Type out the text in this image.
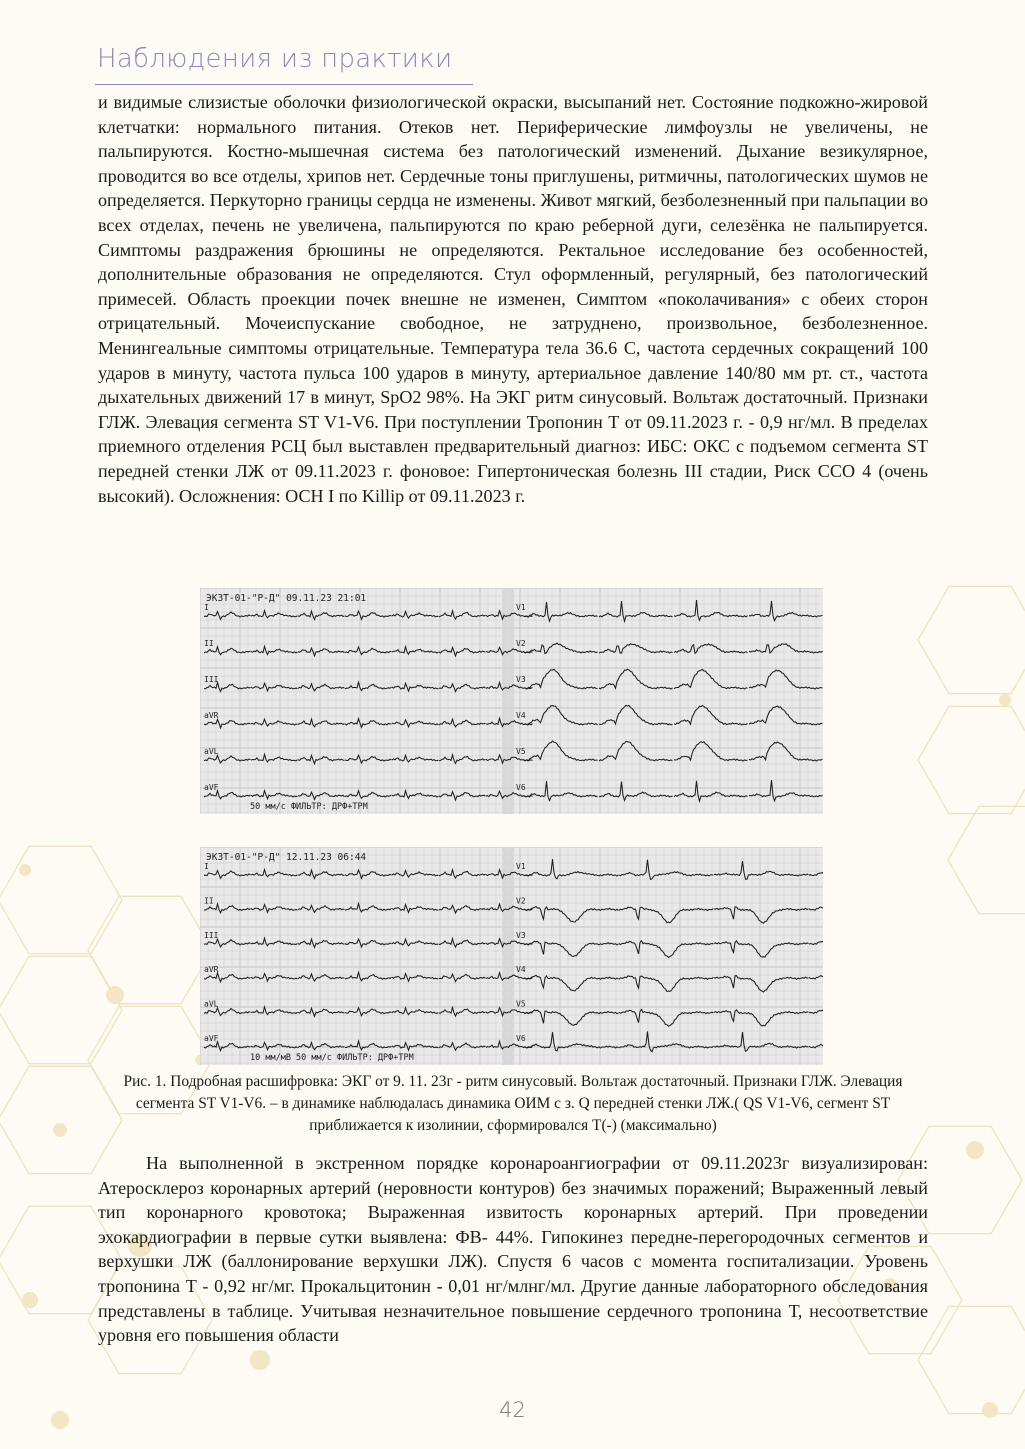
Наблюдения из практики

и видимые слизистые оболочки физиологической окраски, высыпаний нет. Состояние подкожно-жировой клетчатки: нормального питания. Отеков нет. Периферические лимфоузлы не увеличены, не пальпируются. Костно-мышечная система без патологический изменений. Дыхание везикулярное, проводится во все отделы, хрипов нет. Сердечные тоны приглушены, ритмичны, патологических шумов не определяется. Перкуторно границы сердца не изменены. Живот мягкий, безболезненный при пальпации во всех отделах, печень не увеличена, пальпируются по краю реберной дуги, селезёнка не пальпируется. Симптомы раздражения брюшины не определяются. Ректальное исследование без особенностей, дополнительные образования не определяются. Стул оформленный, регулярный, без патологический примесей. Область проекции почек внешне не изменен, Симптом «поколачивания» с обеих сторон отрицательный. Мочеиспускание свободное, не затруднено, произвольное, безболезненное. Менингеальные симптомы отрицательные. Температура тела 36.6 С, частота сердечных сокращений 100 ударов в минуту, частота пульса 100 ударов в минуту, артериальное давление 140/80 мм рт. ст., частота дыхательных движений 17 в минут, SpO2 98%. На ЭКГ ритм синусовый. Вольтаж достаточный. Признаки ГЛЖ. Элевация сегмента ST V1-V6. При поступлении Тропонин Т от 09.11.2023 г. - 0,9 нг/мл. В пределах приемного отделения РСЦ был выставлен предварительный диагноз: ИБС: ОКС с подъемом сегмента ST передней стенки ЛЖ от 09.11.2023 г. фоновое: Гипертоническая болезнь III стадии, Риск ССО 4 (очень высокий). Осложнения: ОСН I по Killip от 09.11.2023 г.

ЭКЗТ-01-"Р-Д" 09.11.23 21:01
50 мм/с ФИЛЬТР: ДРФ+ТРМ
I
II
III
aVR
aVL
aVF
V1
V2
V3
V4
V5
V6
ЭКЗТ-01-"Р-Д" 12.11.23 06:44
10 мм/мВ 50 мм/с ФИЛЬТР: ДРФ+ТРМ
I
II
III
aVR
aVL
aVF
V1
V2
V3
V4
V5
V6

Рис. 1. Подробная расшифровка: ЭКГ от 9. 11. 23г - ритм синусовый. Вольтаж достаточный. Признаки ГЛЖ. Элевация сегмента ST V1-V6. – в динамике наблюдалась динамика ОИМ с з. Q передней стенки ЛЖ.( QS V1-V6, сегмент ST приближается к изолинии, сформировался T(-) (максимально)

На выполненной в экстренном порядке коронароангиографии от 09.11.2023г визуализирован: Атеросклероз коронарных артерий (неровности контуров) без значимых поражений; Выраженный левый тип коронарного кровотока; Выраженная извитость коронарных артерий. При проведении эхокардиографии в первые сутки выявлена: ФВ- 44%. Гипокинез передне-перегородочных сегментов и верхушки ЛЖ (баллонирование верхушки ЛЖ). Спустя 6 часов с момента госпитализации. Уровень тропонина Т - 0,92 нг/мг. Прокальцитонин - 0,01 нг/млнг/мл. Другие данные лабораторного обследования представлены в таблице. Учитывая незначительное повышение сердечного тропонина Т, несоответствие уровня его повышения области

42
